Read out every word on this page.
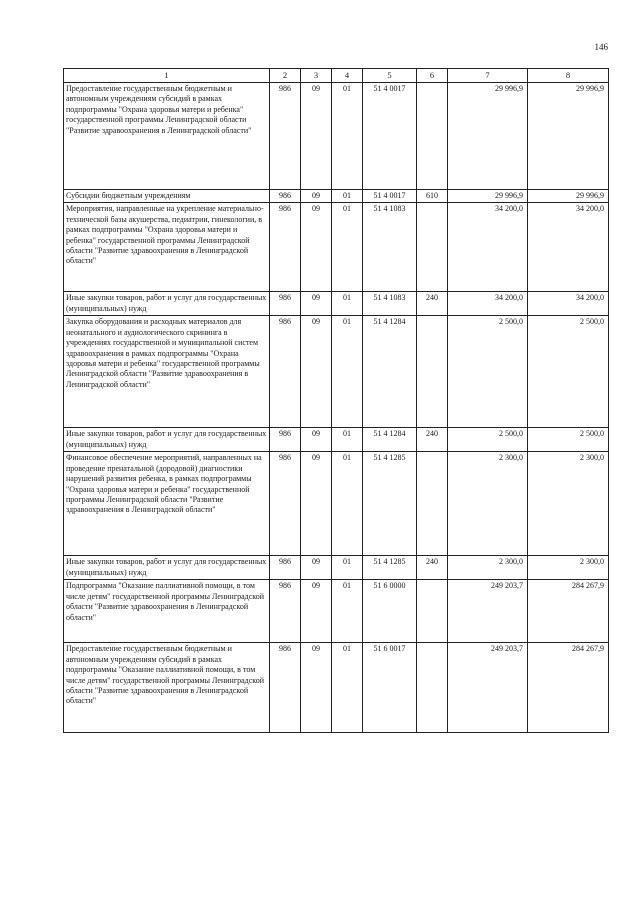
146
1	2	3	4	5	6	7	8
Предоставление государственным бюджетным и автономным учреждениям субсидий в рамках подпрограммы "Охрана здоровья матери и ребенка" государственной программы Ленинградской области "Развитие здравоохранения в Ленинградской области"	986	09	01	51 4 0017		29 996,9	29 996,9
Субсидии бюджетным учреждениям	986	09	01	51 4 0017	610	29 996,9	29 996,9
Мероприятия, направленные на укрепление материально-технической базы акушерства, педиатрии, гинекологии, в рамках подпрограммы "Охрана здоровья матери и ребенка" государственной программы Ленинградской области "Развитие здравоохранения в Ленинградской области"	986	09	01	51 4 1083		34 200,0	34 200,0
Иные закупки товаров, работ и услуг для государственных (муниципальных) нужд	986	09	01	51 4 1083	240	34 200,0	34 200,0
Закупка оборудования и расходных материалов для неонатального и аудиологического скрининга в учреждениях государственной и муниципальной систем здравоохранения в рамках подпрограммы "Охрана здоровья матери и ребенка" государственной программы Ленинградской области "Развитие здравоохранения в Ленинградской области"	986	09	01	51 4 1284		2 500,0	2 500,0
Иные закупки товаров, работ и услуг для государственных (муниципальных) нужд	986	09	01	51 4 1284	240	2 500,0	2 500,0
Финансовое обеспечение мероприятий, направленных на проведение пренатальной (дородовой) диагностики нарушений развития ребенка, в рамках подпрограммы "Охрана здоровья матери и ребенка" государственной программы Ленинградской области "Развитие здравоохранения в Ленинградской области"	986	09	01	51 4 1285		2 300,0	2 300,0
Иные закупки товаров, работ и услуг для государственных (муниципальных) нужд	986	09	01	51 4 1285	240	2 300,0	2 300,0
Подпрограмма "Оказание паллиативной помощи, в том числе детям" государственной программы Ленинградской области "Развитие здравоохранения в Ленинградской области"	986	09	01	51 6 0000		249 203,7	284 267,9
Предоставление государственным бюджетным и автономным учреждениям субсидий в рамках подпрограммы "Оказание паллиативной помощи, в том числе детям" государственной программы Ленинградской области "Развитие здравоохранения в Ленинградской области"	986	09	01	51 6 0017		249 203,7	284 267,9
